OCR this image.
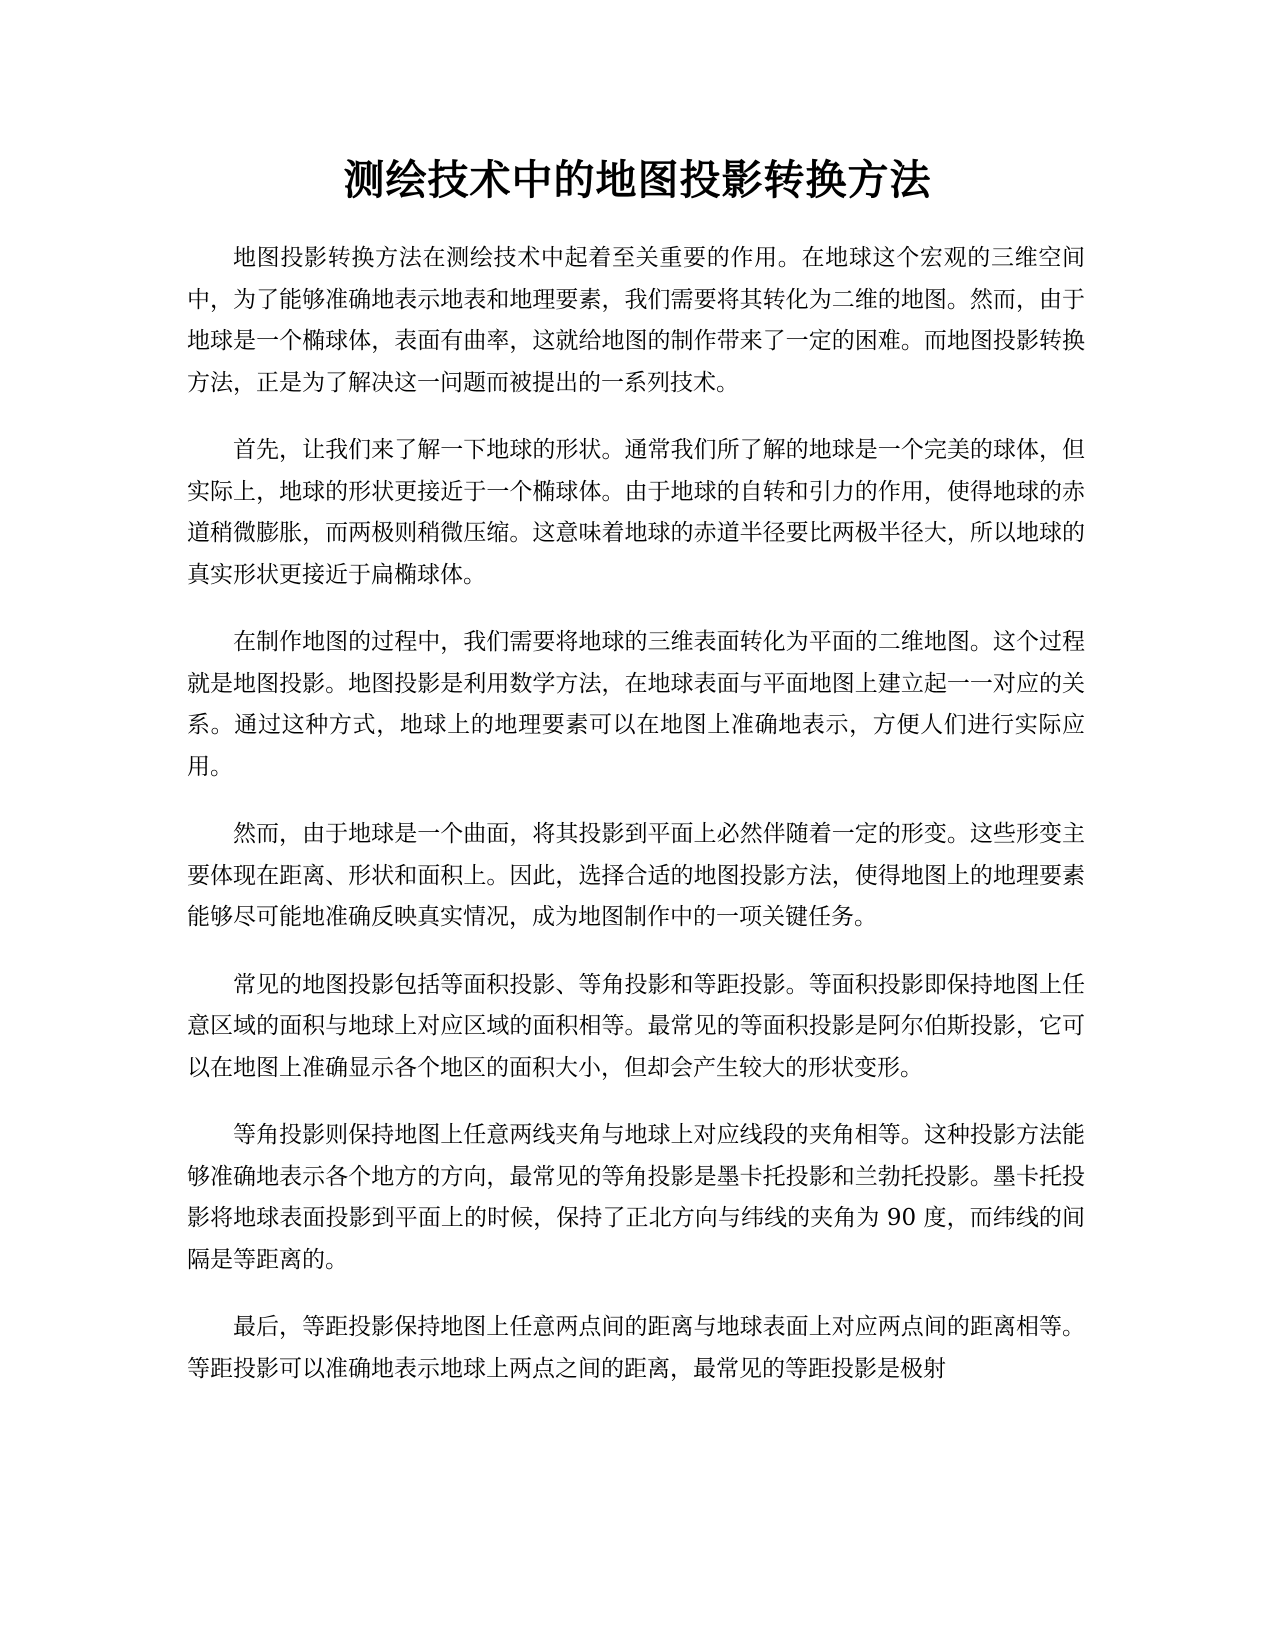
测绘技术中的地图投影转换方法

地图投影转换方法在测绘技术中起着至关重要的作用。在地球这个宏观的三维空间中，为了能够准确地表示地表和地理要素，我们需要将其转化为二维的地图。然而，由于地球是一个椭球体，表面有曲率，这就给地图的制作带来了一定的困难。而地图投影转换方法，正是为了解决这一问题而被提出的一系列技术。

首先，让我们来了解一下地球的形状。通常我们所了解的地球是一个完美的球体，但实际上，地球的形状更接近于一个椭球体。由于地球的自转和引力的作用，使得地球的赤道稍微膨胀，而两极则稍微压缩。这意味着地球的赤道半径要比两极半径大，所以地球的真实形状更接近于扁椭球体。

在制作地图的过程中，我们需要将地球的三维表面转化为平面的二维地图。这个过程就是地图投影。地图投影是利用数学方法，在地球表面与平面地图上建立起一一对应的关系。通过这种方式，地球上的地理要素可以在地图上准确地表示，方便人们进行实际应用。

然而，由于地球是一个曲面，将其投影到平面上必然伴随着一定的形变。这些形变主要体现在距离、形状和面积上。因此，选择合适的地图投影方法，使得地图上的地理要素能够尽可能地准确反映真实情况，成为地图制作中的一项关键任务。

常见的地图投影包括等面积投影、等角投影和等距投影。等面积投影即保持地图上任意区域的面积与地球上对应区域的面积相等。最常见的等面积投影是阿尔伯斯投影，它可以在地图上准确显示各个地区的面积大小，但却会产生较大的形状变形。

等角投影则保持地图上任意两线夹角与地球上对应线段的夹角相等。这种投影方法能够准确地表示各个地方的方向，最常见的等角投影是墨卡托投影和兰勃托投影。墨卡托投影将地球表面投影到平面上的时候，保持了正北方向与纬线的夹角为 90 度，而纬线的间隔是等距离的。

最后，等距投影保持地图上任意两点间的距离与地球表面上对应两点间的距离相等。等距投影可以准确地表示地球上两点之间的距离，最常见的等距投影是极射
